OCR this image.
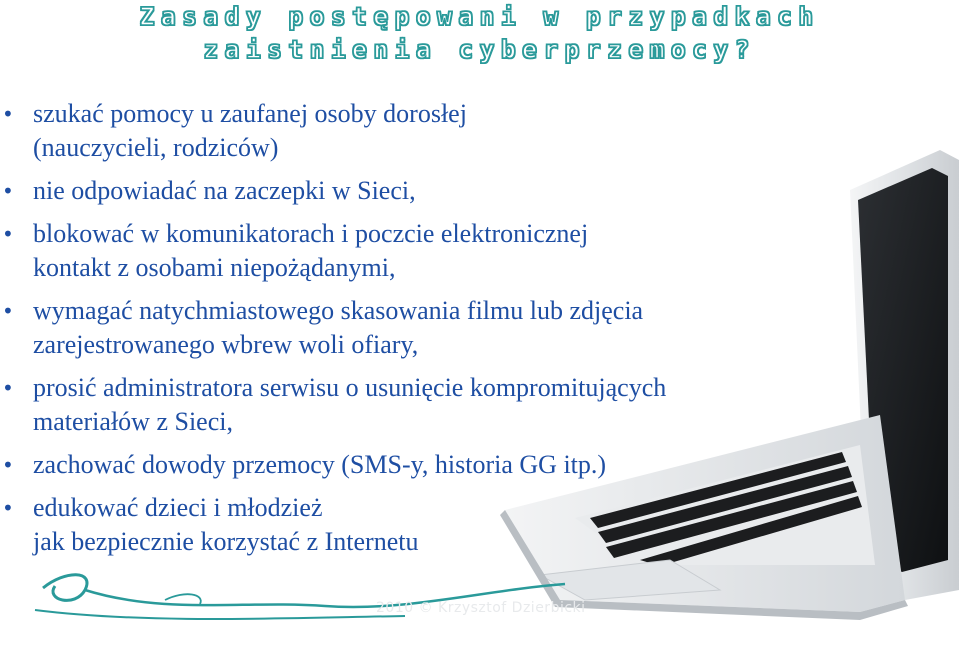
Zasady postępowani w przypadkach
zaistnienia cyberprzemocy?
• szukać pomocy u zaufanej osoby dorosłej
(nauczycieli, rodziców)
• nie odpowiadać na zaczepki w Sieci,
• blokować w komunikatorach i poczcie elektronicznej
kontakt z osobami niepożądanymi,
• wymagać natychmiastowego skasowania filmu lub zdjęcia
zarejestrowanego wbrew woli ofiary,
• prosić administratora serwisu o usunięcie kompromitujących
materiałów z Sieci,
• zachować dowody przemocy (SMS-y, historia GG itp.)
• edukować dzieci i młodzież
jak bezpiecznie korzystać z Internetu
2010 © Krzysztof Dzierbicki
